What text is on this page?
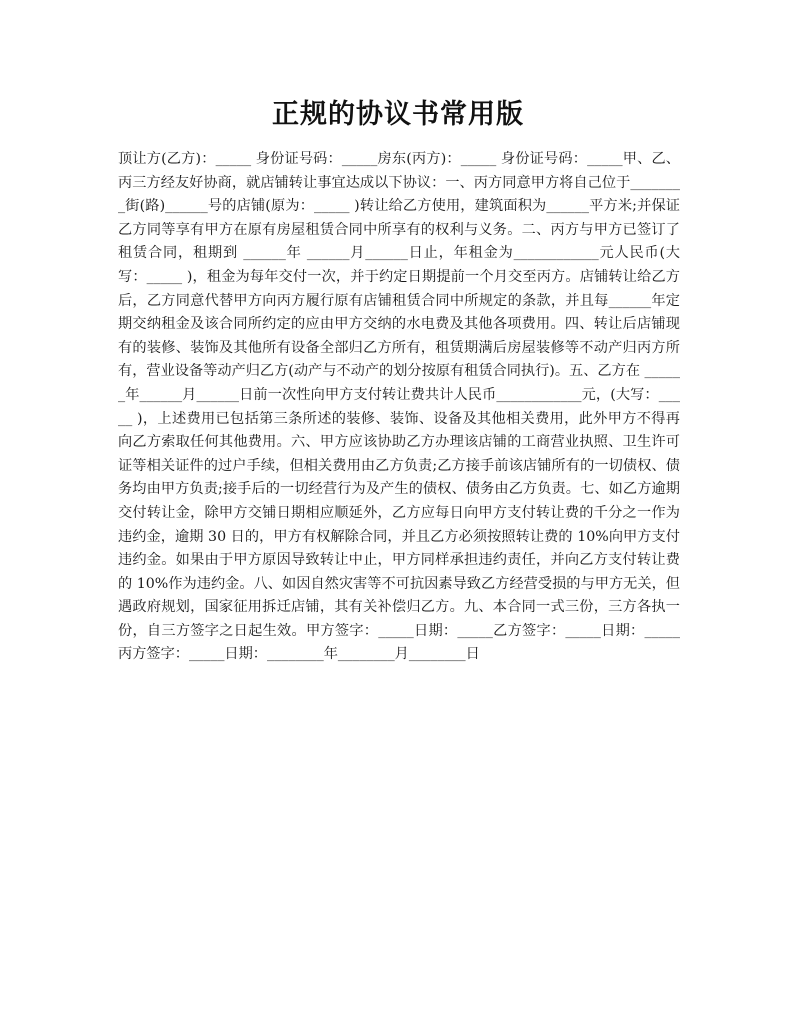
正规的协议书常用版

顶让方(乙方)：_____ 身份证号码：_____房东(丙方)：_____ 身份证号码：_____甲、乙、丙三方经友好协商，就店铺转让事宜达成以下协议：一、丙方同意甲方将自己位于________街(路)______号的店铺(原为：_____ )转让给乙方使用，建筑面积为______平方米;并保证乙方同等享有甲方在原有房屋租赁合同中所享有的权利与义务。二、丙方与甲方已签订了租赁合同，租期到 ______年 ______月______日止，年租金为____________元人民币(大写：_____ )，租金为每年交付一次，并于约定日期提前一个月交至丙方。店铺转让给乙方后，乙方同意代替甲方向丙方履行原有店铺租赁合同中所规定的条款，并且每______年定期交纳租金及该合同所约定的应由甲方交纳的水电费及其他各项费用。四、转让后店铺现有的装修、装饰及其他所有设备全部归乙方所有，租赁期满后房屋装修等不动产归丙方所有，营业设备等动产归乙方(动产与不动产的划分按原有租赁合同执行)。五、乙方在 ______年______月______日前一次性向甲方支付转让费共计人民币____________元，(大写：_____ )，上述费用已包括第三条所述的装修、装饰、设备及其他相关费用，此外甲方不得再向乙方索取任何其他费用。六、甲方应该协助乙方办理该店铺的工商营业执照、卫生许可证等相关证件的过户手续，但相关费用由乙方负责;乙方接手前该店铺所有的一切债权、债务均由甲方负责;接手后的一切经营行为及产生的债权、债务由乙方负责。七、如乙方逾期交付转让金，除甲方交铺日期相应顺延外，乙方应每日向甲方支付转让费的千分之一作为违约金，逾期 30 日的，甲方有权解除合同，并且乙方必须按照转让费的 10%向甲方支付违约金。如果由于甲方原因导致转让中止，甲方同样承担违约责任，并向乙方支付转让费的 10%作为违约金。八、如因自然灾害等不可抗因素导致乙方经营受损的与甲方无关，但遇政府规划，国家征用拆迁店铺，其有关补偿归乙方。九、本合同一式三份，三方各执一份，自三方签字之日起生效。甲方签字：_____日期：_____乙方签字：_____日期：_____丙方签字：_____日期：________年________月________日
